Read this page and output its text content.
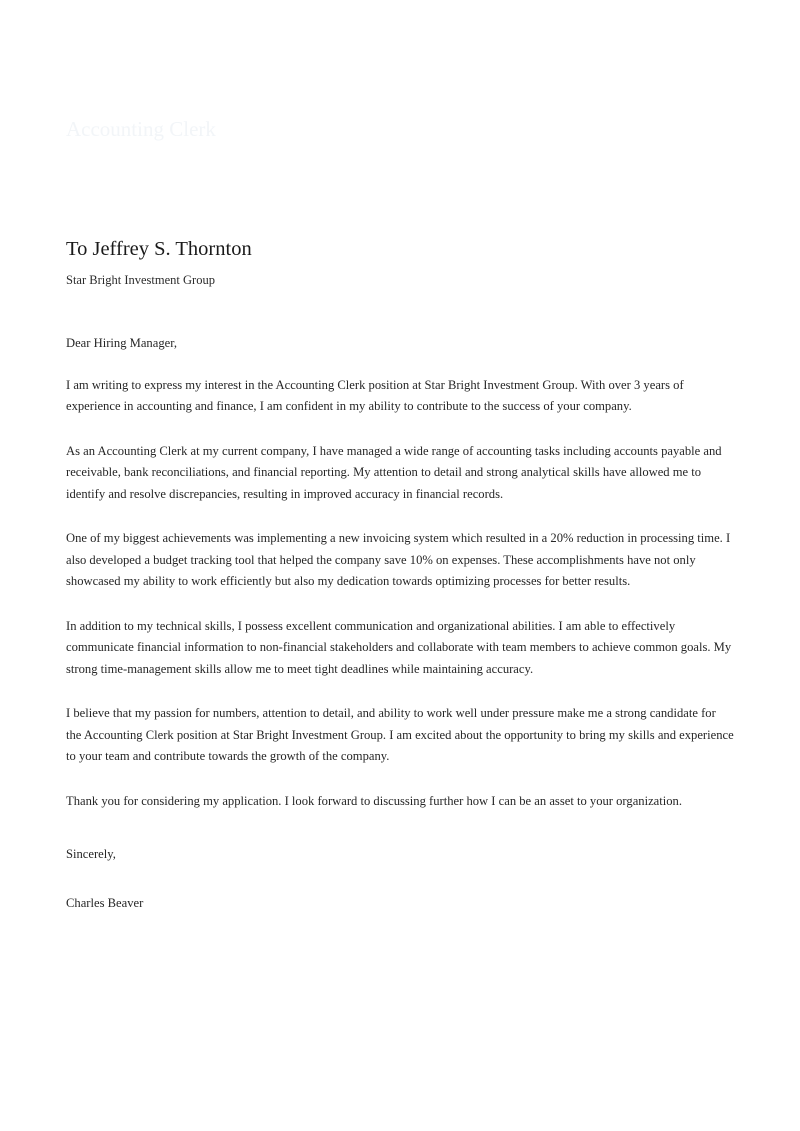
Charles Beaver
Accounting Clerk
806-629-4648
charlesbeaver@gmail.com

To Jeffrey S. Thornton

Star Bright Investment Group

Dear Hiring Manager,

I am writing to express my interest in the Accounting Clerk position at Star Bright Investment Group. With over 3 years of experience in accounting and finance, I am confident in my ability to contribute to the success of your company.

As an Accounting Clerk at my current company, I have managed a wide range of accounting tasks including accounts payable and receivable, bank reconciliations, and financial reporting. My attention to detail and strong analytical skills have allowed me to identify and resolve discrepancies, resulting in improved accuracy in financial records.

One of my biggest achievements was implementing a new invoicing system which resulted in a 20% reduction in processing time. I also developed a budget tracking tool that helped the company save 10% on expenses. These accomplishments have not only showcased my ability to work efficiently but also my dedication towards optimizing processes for better results.

In addition to my technical skills, I possess excellent communication and organizational abilities. I am able to effectively communicate financial information to non-financial stakeholders and collaborate with team members to achieve common goals. My strong time-management skills allow me to meet tight deadlines while maintaining accuracy.

I believe that my passion for numbers, attention to detail, and ability to work well under pressure make me a strong candidate for the Accounting Clerk position at Star Bright Investment Group. I am excited about the opportunity to bring my skills and experience to your team and contribute towards the growth of the company.

Thank you for considering my application. I look forward to discussing further how I can be an asset to your organization.

Sincerely,

Charles Beaver
